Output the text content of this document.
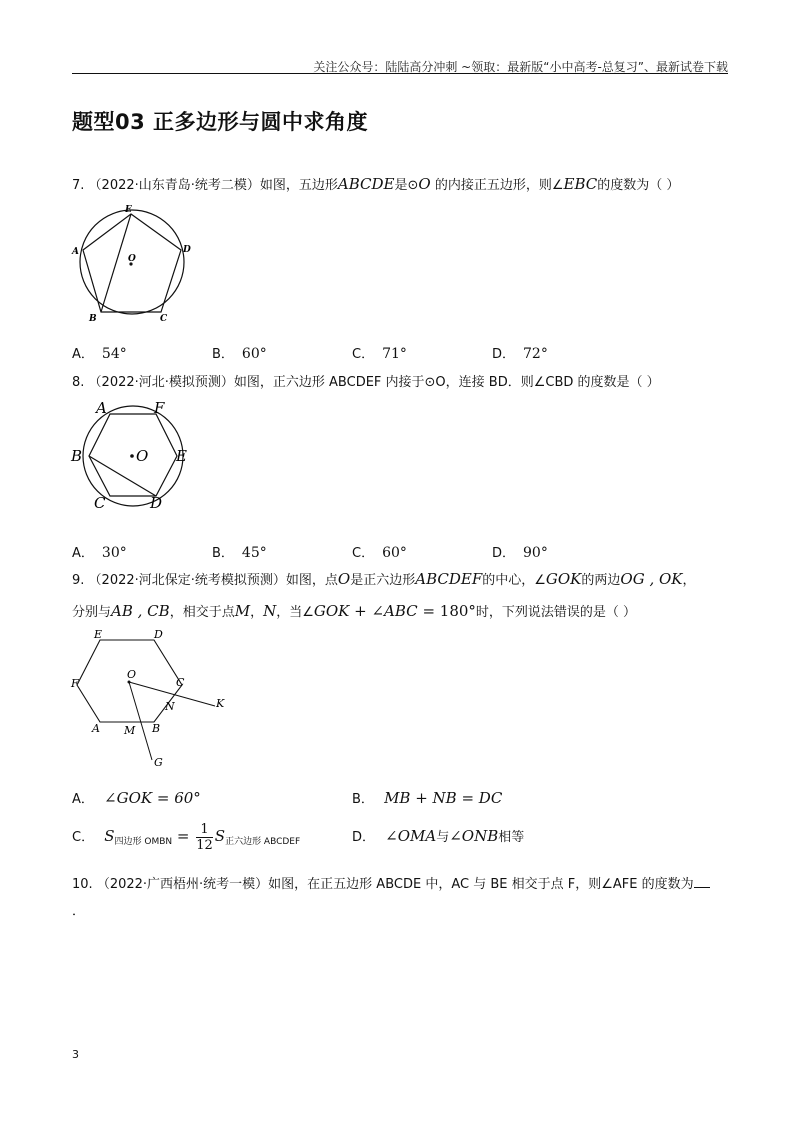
关注公众号：陆陆高分冲刺 ~领取：最新版“小中高考-总复习”、最新试卷下载
题型03 正多边形与圆中求角度
7. （2022·山东青岛·统考二模）如图，五边形ABCDE是⊙O 的内接正五边形，则∠EBC的度数为（ ）
E
D
A
O
B	C
A． 54°	B． 60°	C． 71°	D． 72°
8. （2022·河北·模拟预测）如图，正六边形 ABCDEF 内接于⊙O，连接 BD．则∠CBD 的度数是（ ）
A	F
B	O E
C	D
A． 30°	B． 45°	C． 60°	D． 90°
9. （2022·河北保定·统考模拟预测）如图，点O是正六边形ABCDEF的中心，∠GOK的两边OG , OK，
分别与AB , CB，相交于点M，N，当∠GOK + ∠ABC = 180°时，下列说法错误的是（ ）
E	D
F
O
C
K
N
A M B
G
A． ∠GOK = 60°	B． MB + NB = DC
C． $S_{四边形 OMBN} = \frac{1}{12} S_{正六边形 ABCDEF}$	D． ∠OMA与∠ONB相等
10. （2022·广西梧州·统考一模）如图，在正五边形 ABCDE 中，AC 与 BE 相交于点 F，则∠AFE 的度数为
．
3
